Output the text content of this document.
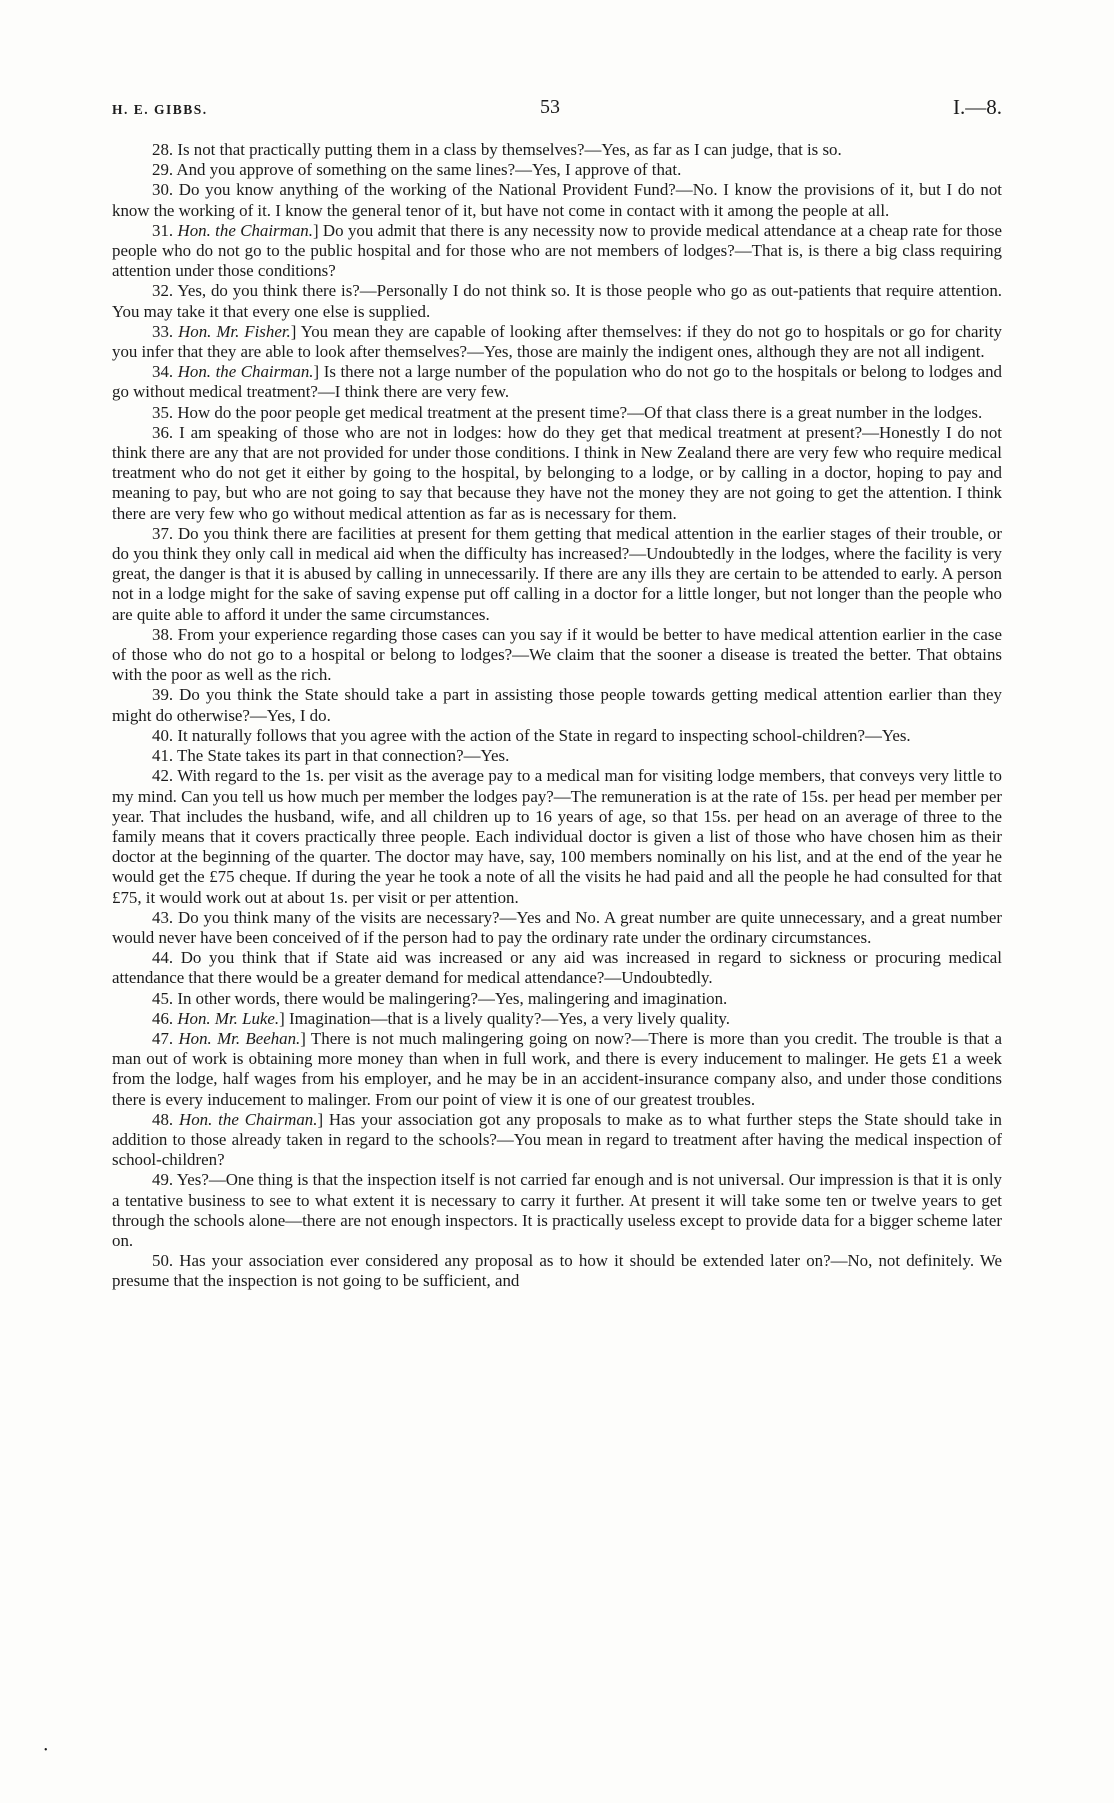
H. E. GIBBS.	53	I.—8.

28. Is not that practically putting them in a class by themselves?—Yes, as far as I can judge, that is so.

29. And you approve of something on the same lines?—Yes, I approve of that.

30. Do you know anything of the working of the National Provident Fund?—No. I know the provisions of it, but I do not know the working of it. I know the general tenor of it, but have not come in contact with it among the people at all.

31. Hon. the Chairman.] Do you admit that there is any necessity now to provide medical attendance at a cheap rate for those people who do not go to the public hospital and for those who are not members of lodges?—That is, is there a big class requiring attention under those conditions?

32. Yes, do you think there is?—Personally I do not think so. It is those people who go as out-patients that require attention. You may take it that every one else is supplied.

33. Hon. Mr. Fisher.] You mean they are capable of looking after themselves: if they do not go to hospitals or go for charity you infer that they are able to look after themselves?—Yes, those are mainly the indigent ones, although they are not all indigent.

34. Hon. the Chairman.] Is there not a large number of the population who do not go to the hospitals or belong to lodges and go without medical treatment?—I think there are very few.

35. How do the poor people get medical treatment at the present time?—Of that class there is a great number in the lodges.

36. I am speaking of those who are not in lodges: how do they get that medical treatment at present?—Honestly I do not think there are any that are not provided for under those conditions. I think in New Zealand there are very few who require medical treatment who do not get it either by going to the hospital, by belonging to a lodge, or by calling in a doctor, hoping to pay and meaning to pay, but who are not going to say that because they have not the money they are not going to get the attention. I think there are very few who go without medical attention as far as is necessary for them.

37. Do you think there are facilities at present for them getting that medical attention in the earlier stages of their trouble, or do you think they only call in medical aid when the difficulty has increased?—Undoubtedly in the lodges, where the facility is very great, the danger is that it is abused by calling in unnecessarily. If there are any ills they are certain to be attended to early. A person not in a lodge might for the sake of saving expense put off calling in a doctor for a little longer, but not longer than the people who are quite able to afford it under the same circumstances.

38. From your experience regarding those cases can you say if it would be better to have medical attention earlier in the case of those who do not go to a hospital or belong to lodges?—We claim that the sooner a disease is treated the better. That obtains with the poor as well as the rich.

39. Do you think the State should take a part in assisting those people towards getting medical attention earlier than they might do otherwise?—Yes, I do.

40. It naturally follows that you agree with the action of the State in regard to inspecting school-children?—Yes.

41. The State takes its part in that connection?—Yes.

42. With regard to the 1s. per visit as the average pay to a medical man for visiting lodge members, that conveys very little to my mind. Can you tell us how much per member the lodges pay?—The remuneration is at the rate of 15s. per head per member per year. That includes the husband, wife, and all children up to 16 years of age, so that 15s. per head on an average of three to the family means that it covers practically three people. Each individual doctor is given a list of those who have chosen him as their doctor at the beginning of the quarter. The doctor may have, say, 100 members nominally on his list, and at the end of the year he would get the £75 cheque. If during the year he took a note of all the visits he had paid and all the people he had consulted for that £75, it would work out at about 1s. per visit or per attention.

43. Do you think many of the visits are necessary?—Yes and No. A great number are quite unnecessary, and a great number would never have been conceived of if the person had to pay the ordinary rate under the ordinary circumstances.

44. Do you think that if State aid was increased or any aid was increased in regard to sickness or procuring medical attendance that there would be a greater demand for medical attendance?—Undoubtedly.

45. In other words, there would be malingering?—Yes, malingering and imagination.

46. Hon. Mr. Luke.] Imagination—that is a lively quality?—Yes, a very lively quality.

47. Hon. Mr. Beehan.] There is not much malingering going on now?—There is more than you credit. The trouble is that a man out of work is obtaining more money than when in full work, and there is every inducement to malinger. He gets £1 a week from the lodge, half wages from his employer, and he may be in an accident-insurance company also, and under those conditions there is every inducement to malinger. From our point of view it is one of our greatest troubles.

48. Hon. the Chairman.] Has your association got any proposals to make as to what further steps the State should take in addition to those already taken in regard to the schools?—You mean in regard to treatment after having the medical inspection of school-children?

49. Yes?—One thing is that the inspection itself is not carried far enough and is not universal. Our impression is that it is only a tentative business to see to what extent it is necessary to carry it further. At present it will take some ten or twelve years to get through the schools alone—there are not enough inspectors. It is practically useless except to provide data for a bigger scheme later on.

50. Has your association ever considered any proposal as to how it should be extended later on?—No, not definitely. We presume that the inspection is not going to be sufficient, and

•
